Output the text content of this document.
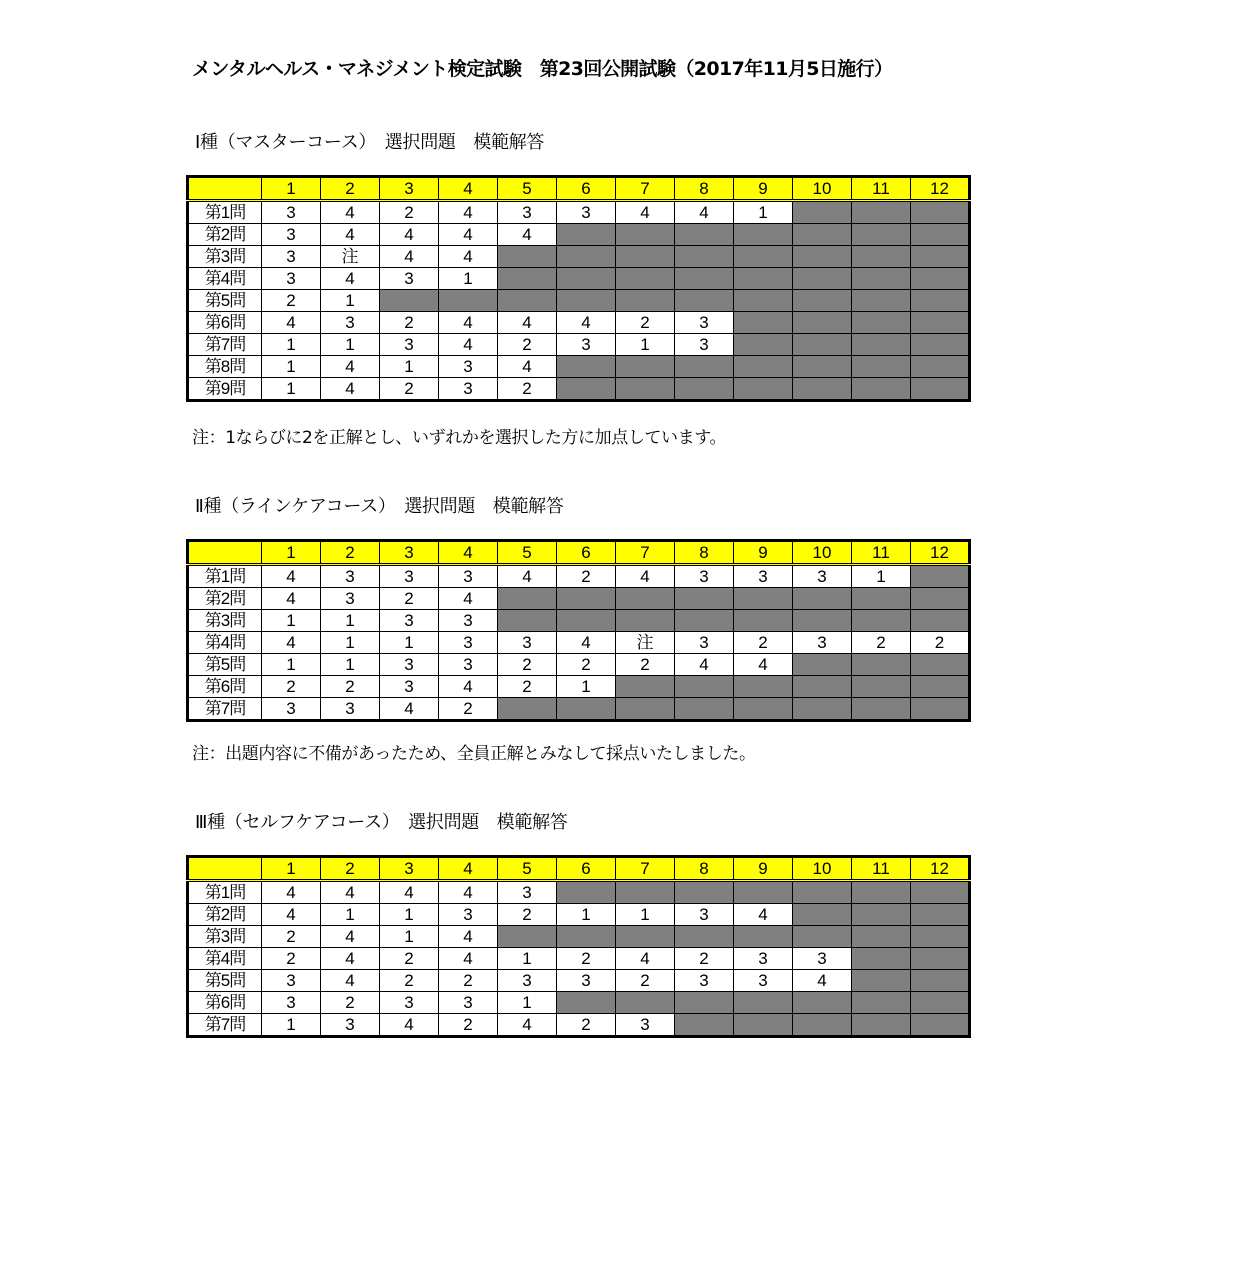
メンタルヘルス・マネジメント検定試験　第23回公開試験（2017年11月5日施行）
Ⅰ種（マスターコース）　選択問題　模範解答
	1	2	3	4	5	6	7	8	9	10	11	12
第1問	3	4	2	4	3	3	4	4	1			
第2問	3	4	4	4	4							
第3問	3	注	4	4								
第4問	3	4	3	1								
第5問	2	1										
第6問	4	3	2	4	4	4	2	3				
第7問	1	1	3	4	2	3	1	3				
第8問	1	4	1	3	4							
第9問	1	4	2	3	2							
注：1ならびに2を正解とし、いずれかを選択した方に加点しています。
Ⅱ種（ラインケアコース）　選択問題　模範解答
	1	2	3	4	5	6	7	8	9	10	11	12
第1問	4	3	3	3	4	2	4	3	3	3	1	
第2問	4	3	2	4								
第3問	1	1	3	3								
第4問	4	1	1	3	3	4	注	3	2	3	2	2
第5問	1	1	3	3	2	2	2	4	4			
第6問	2	2	3	4	2	1						
第7問	3	3	4	2								
注：出題内容に不備があったため、全員正解とみなして採点いたしました。
Ⅲ種（セルフケアコース）　選択問題　模範解答
	1	2	3	4	5	6	7	8	9	10	11	12
第1問	4	4	4	4	3							
第2問	4	1	1	3	2	1	1	3	4			
第3問	2	4	1	4								
第4問	2	4	2	4	1	2	4	2	3	3		
第5問	3	4	2	2	3	3	2	3	3	4		
第6問	3	2	3	3	1							
第7問	1	3	4	2	4	2	3					
